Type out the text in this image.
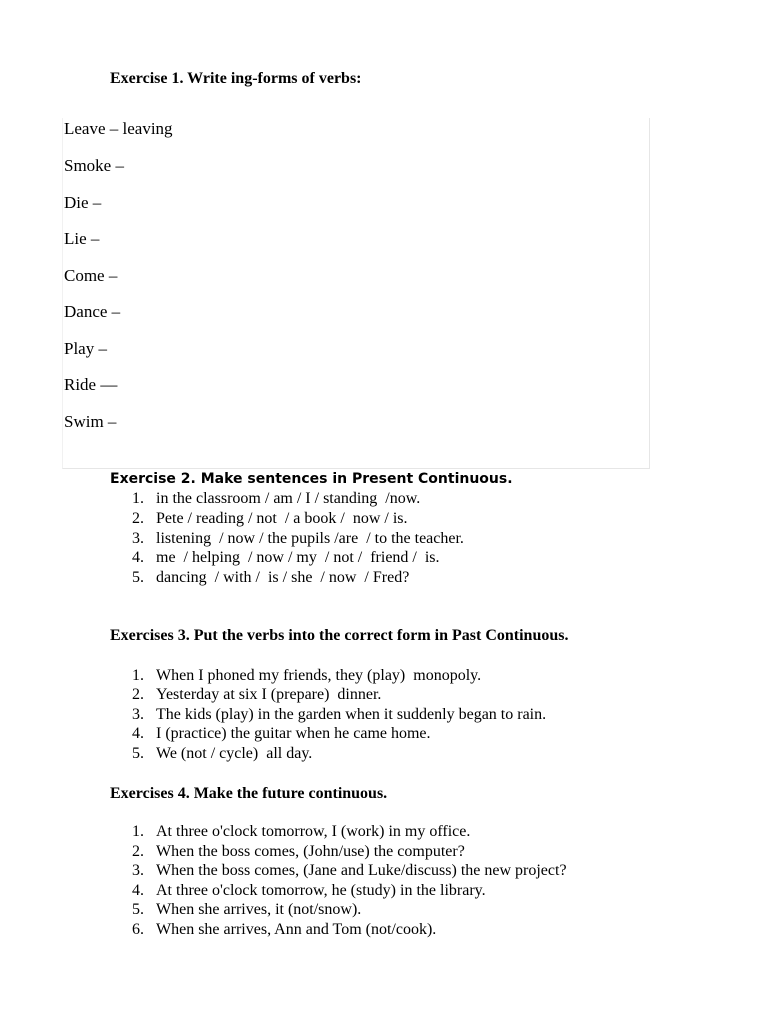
Exercise 1. Write ing-forms of verbs:
Leave – leaving
Smoke –
Die –
Lie –
Come –
Dance –
Play –
Ride —
Swim –
Exercise 2. Make sentences in Present Continuous.
1. in the classroom / am / I / standing  /now.
2. Pete / reading / not  / a book /  now / is.
3. listening  / now / the pupils /are  / to the teacher.
4. me  / helping  / now / my  / not /  friend /  is.
5. dancing  / with /  is / she  / now  / Fred?
Exercises 3. Put the verbs into the correct form in Past Continuous.
1. When I phoned my friends, they (play)  monopoly.
2. Yesterday at six I (prepare)  dinner.
3. The kids (play) in the garden when it suddenly began to rain.
4. I (practice) the guitar when he came home.
5. We (not / cycle)  all day.
Exercises 4. Make the future continuous.
1. At three o'clock tomorrow, I (work) in my office.
2. When the boss comes, (John/use) the computer?
3. When the boss comes, (Jane and Luke/discuss) the new project?
4. At three o'clock tomorrow, he (study) in the library.
5. When she arrives, it (not/snow).
6. When she arrives, Ann and Tom (not/cook).
